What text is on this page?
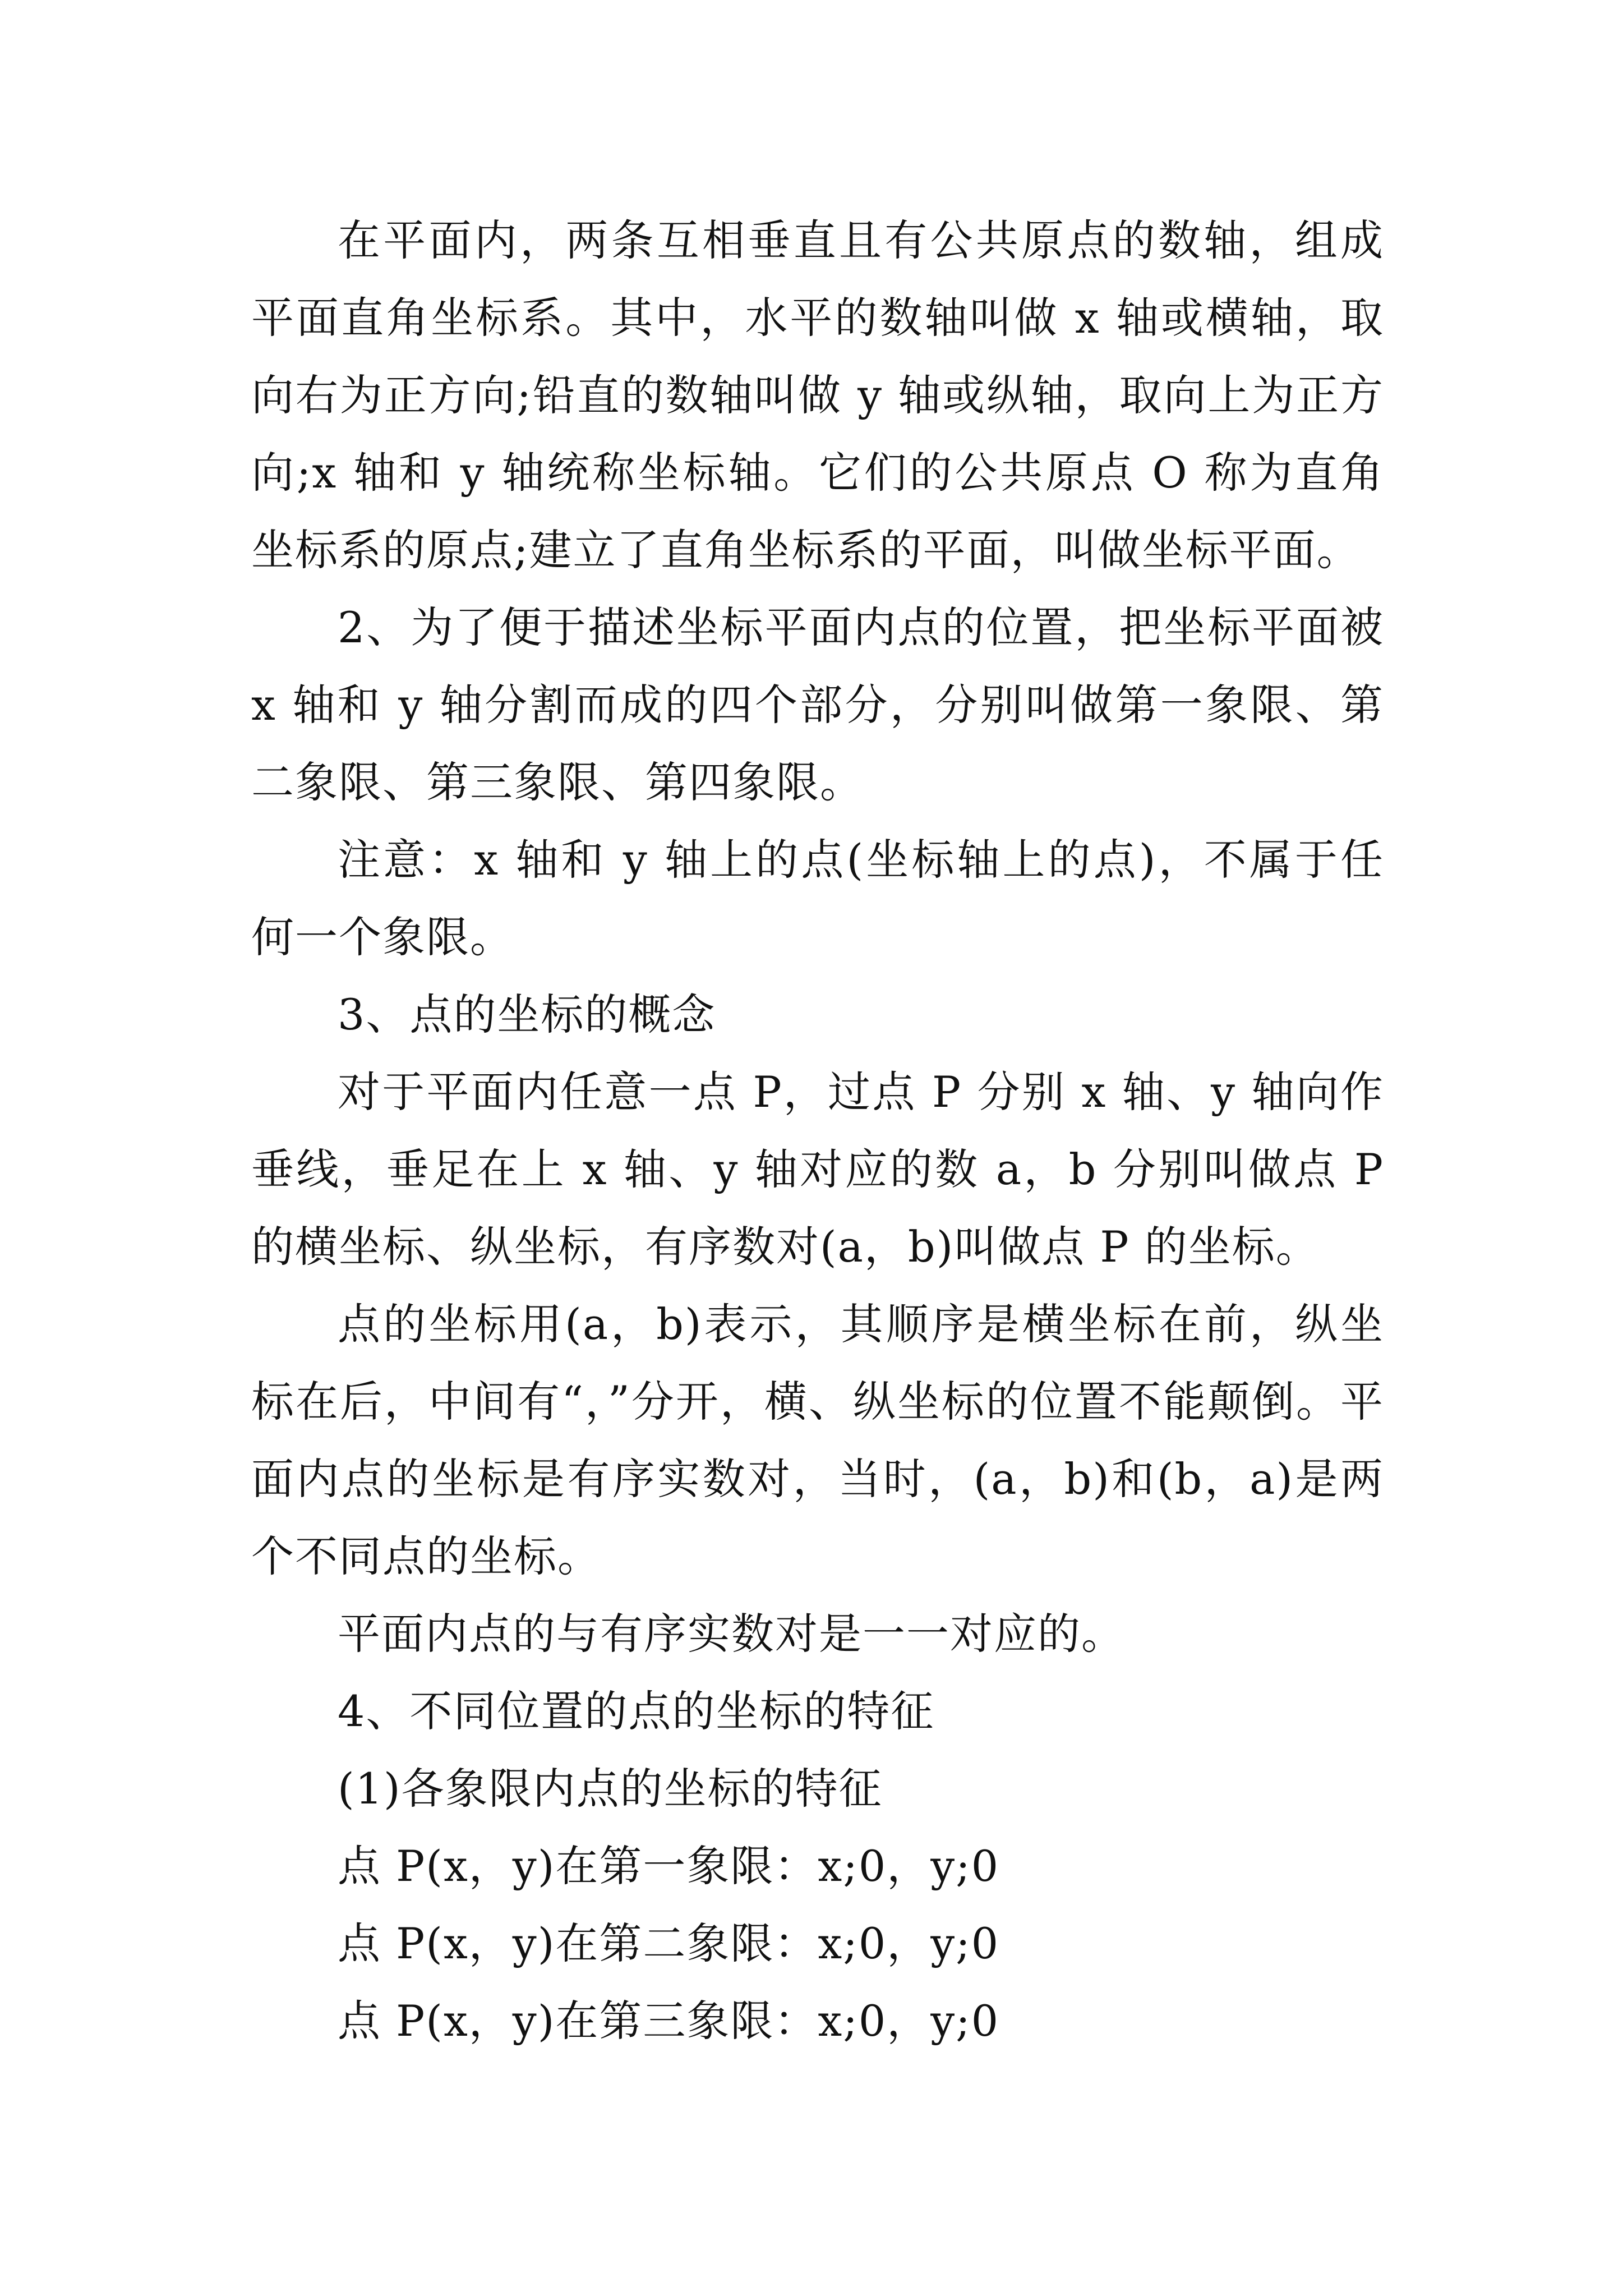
在平面内，两条互相垂直且有公共原点的数轴，组成平面直角坐标系。其中，水平的数轴叫做 x 轴或横轴，取向右为正方向;铅直的数轴叫做 y 轴或纵轴，取向上为正方向;x 轴和 y 轴统称坐标轴。它们的公共原点 O 称为直角坐标系的原点;建立了直角坐标系的平面，叫做坐标平面。

2、为了便于描述坐标平面内点的位置，把坐标平面被 x 轴和 y 轴分割而成的四个部分，分别叫做第一象限、第二象限、第三象限、第四象限。

注意：x 轴和 y 轴上的点(坐标轴上的点)，不属于任何一个象限。

3、点的坐标的概念

对于平面内任意一点 P，过点 P 分别 x 轴、y 轴向作垂线，垂足在上 x 轴、y 轴对应的数 a，b 分别叫做点 P 的横坐标、纵坐标，有序数对(a，b)叫做点 P 的坐标。

点的坐标用(a，b)表示，其顺序是横坐标在前，纵坐标在后，中间有“，”分开，横、纵坐标的位置不能颠倒。平面内点的坐标是有序实数对，当时，(a，b)和(b，a)是两个不同点的坐标。

平面内点的与有序实数对是一一对应的。

4、不同位置的点的坐标的特征

(1)各象限内点的坐标的特征

点 P(x，y)在第一象限：x;0，y;0

点 P(x，y)在第二象限：x;0，y;0

点 P(x，y)在第三象限：x;0，y;0
